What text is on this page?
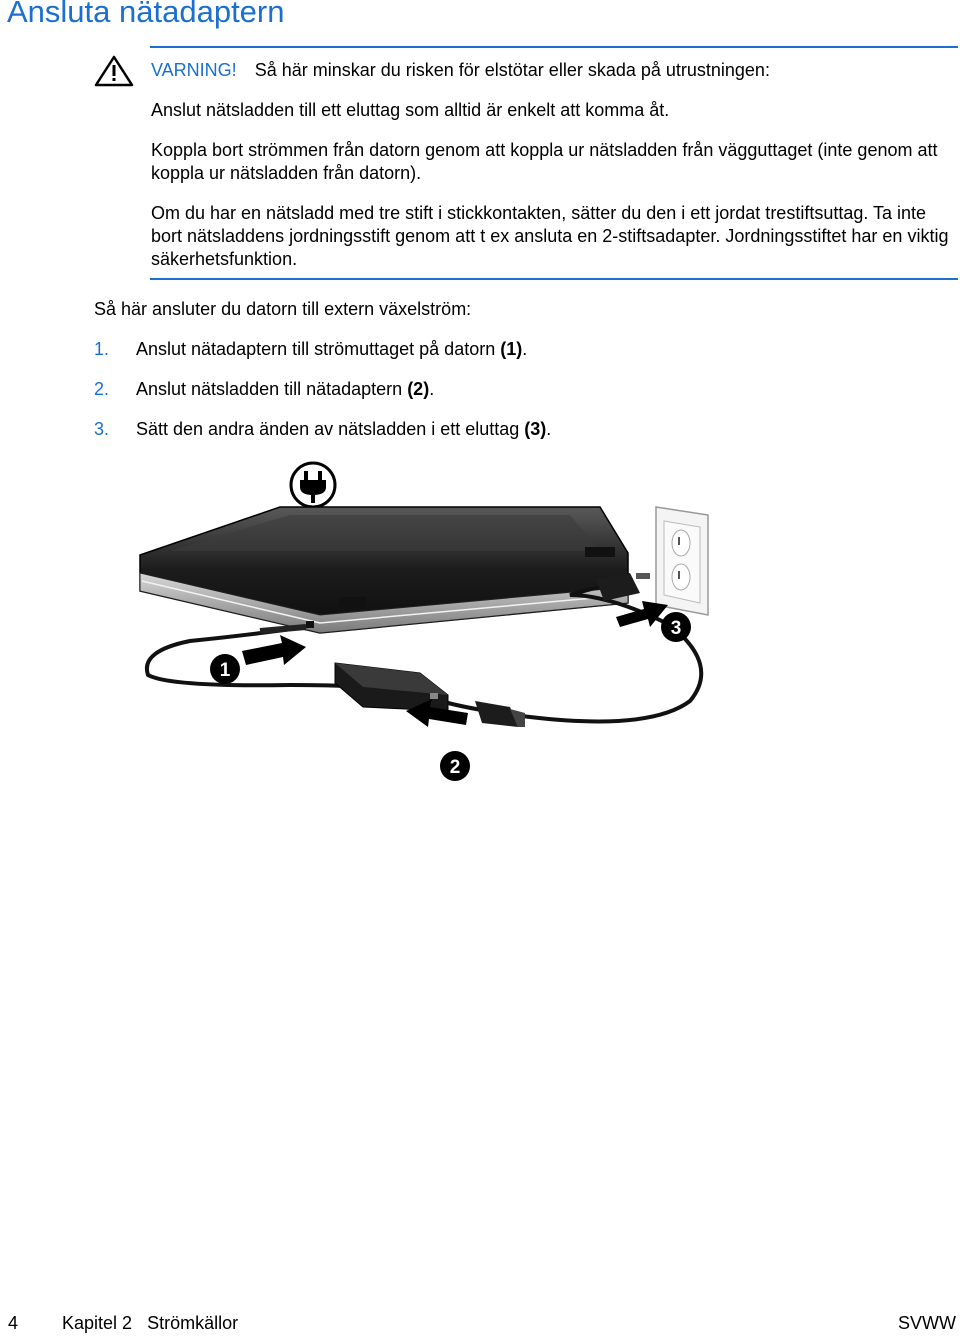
Ansluta nätadaptern
VARNING! Så här minskar du risken för elstötar eller skada på utrustningen:

Anslut nätsladden till ett eluttag som alltid är enkelt att komma åt.

Koppla bort strömmen från datorn genom att koppla ur nätsladden från vägguttaget (inte genom att koppla ur nätsladden från datorn).

Om du har en nätsladd med tre stift i stickkontakten, sätter du den i ett jordat trestiftsuttag. Ta inte bort nätsladdens jordningsstift genom att t ex ansluta en 2-stiftsadapter. Jordningsstiftet har en viktig säkerhetsfunktion.

Så här ansluter du datorn till extern växelström:

1. Anslut nätadaptern till strömuttaget på datorn (1).
2. Anslut nätsladden till nätadaptern (2).
3. Sätt den andra änden av nätsladden i ett eluttag (3).
1
2
3
4 Kapitel 2 Strömkällor	SVWW
